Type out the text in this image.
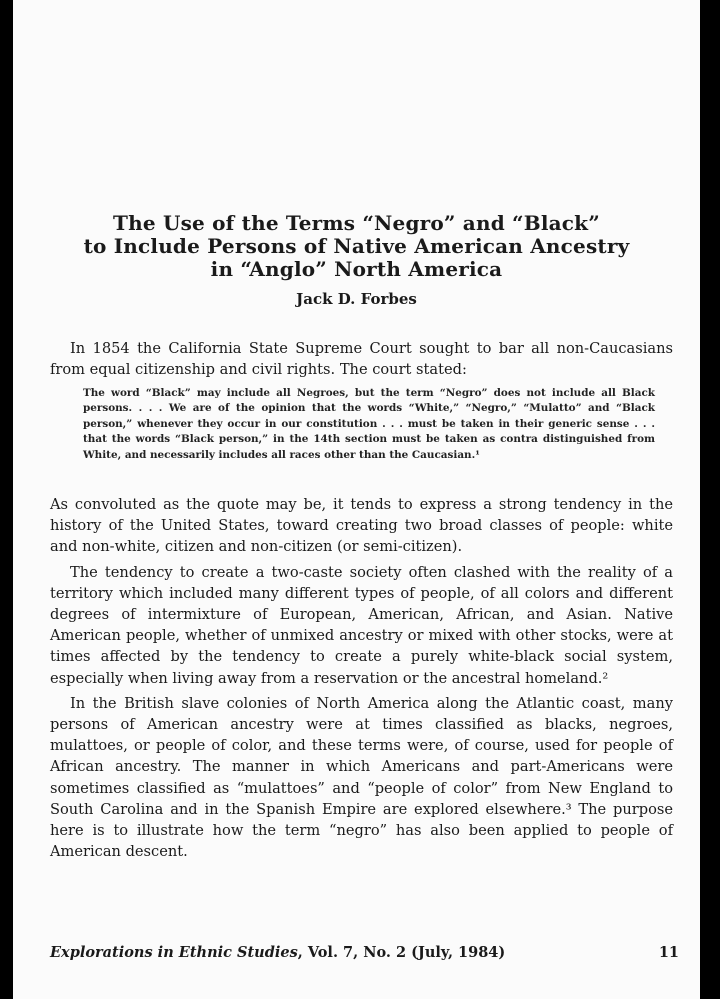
The Use of the Terms “Negro” and “Black”
to Include Persons of Native American Ancestry
in “Anglo” North America
Jack D. Forbes

In 1854 the California State Supreme Court sought to bar all non-Caucasians from equal citizenship and civil rights. The court stated:

The word “Black” may include all Negroes, but the term “Negro” does not include all Black persons. . . . We are of the opinion that the words “White,” “Negro,” “Mulatto” and “Black person,” whenever they occur in our constitution . . . must be taken in their generic sense . . . that the words “Black person,” in the 14th section must be taken as contra distinguished from White, and necessarily includes all races other than the Caucasian.¹

As convoluted as the quote may be, it tends to express a strong tendency in the history of the United States, toward creating two broad classes of people: white and non-white, citizen and non-citizen (or semi-citizen).

The tendency to create a two-caste society often clashed with the reality of a territory which included many different types of people, of all colors and different degrees of intermixture of European, American, African, and Asian. Native American people, whether of unmixed ancestry or mixed with other stocks, were at times affected by the tendency to create a purely white-black social system, especially when living away from a reservation or the ancestral homeland.²

In the British slave colonies of North America along the Atlantic coast, many persons of American ancestry were at times classified as blacks, negroes, mulattoes, or people of color, and these terms were, of course, used for people of African ancestry. The manner in which Americans and part-Americans were sometimes classified as “mulattoes” and “people of color” from New England to South Carolina and in the Spanish Empire are explored elsewhere.³ The purpose here is to illustrate how the term “negro” has also been applied to people of American descent.

Explorations in Ethnic Studies, Vol. 7, No. 2 (July, 1984)	11
